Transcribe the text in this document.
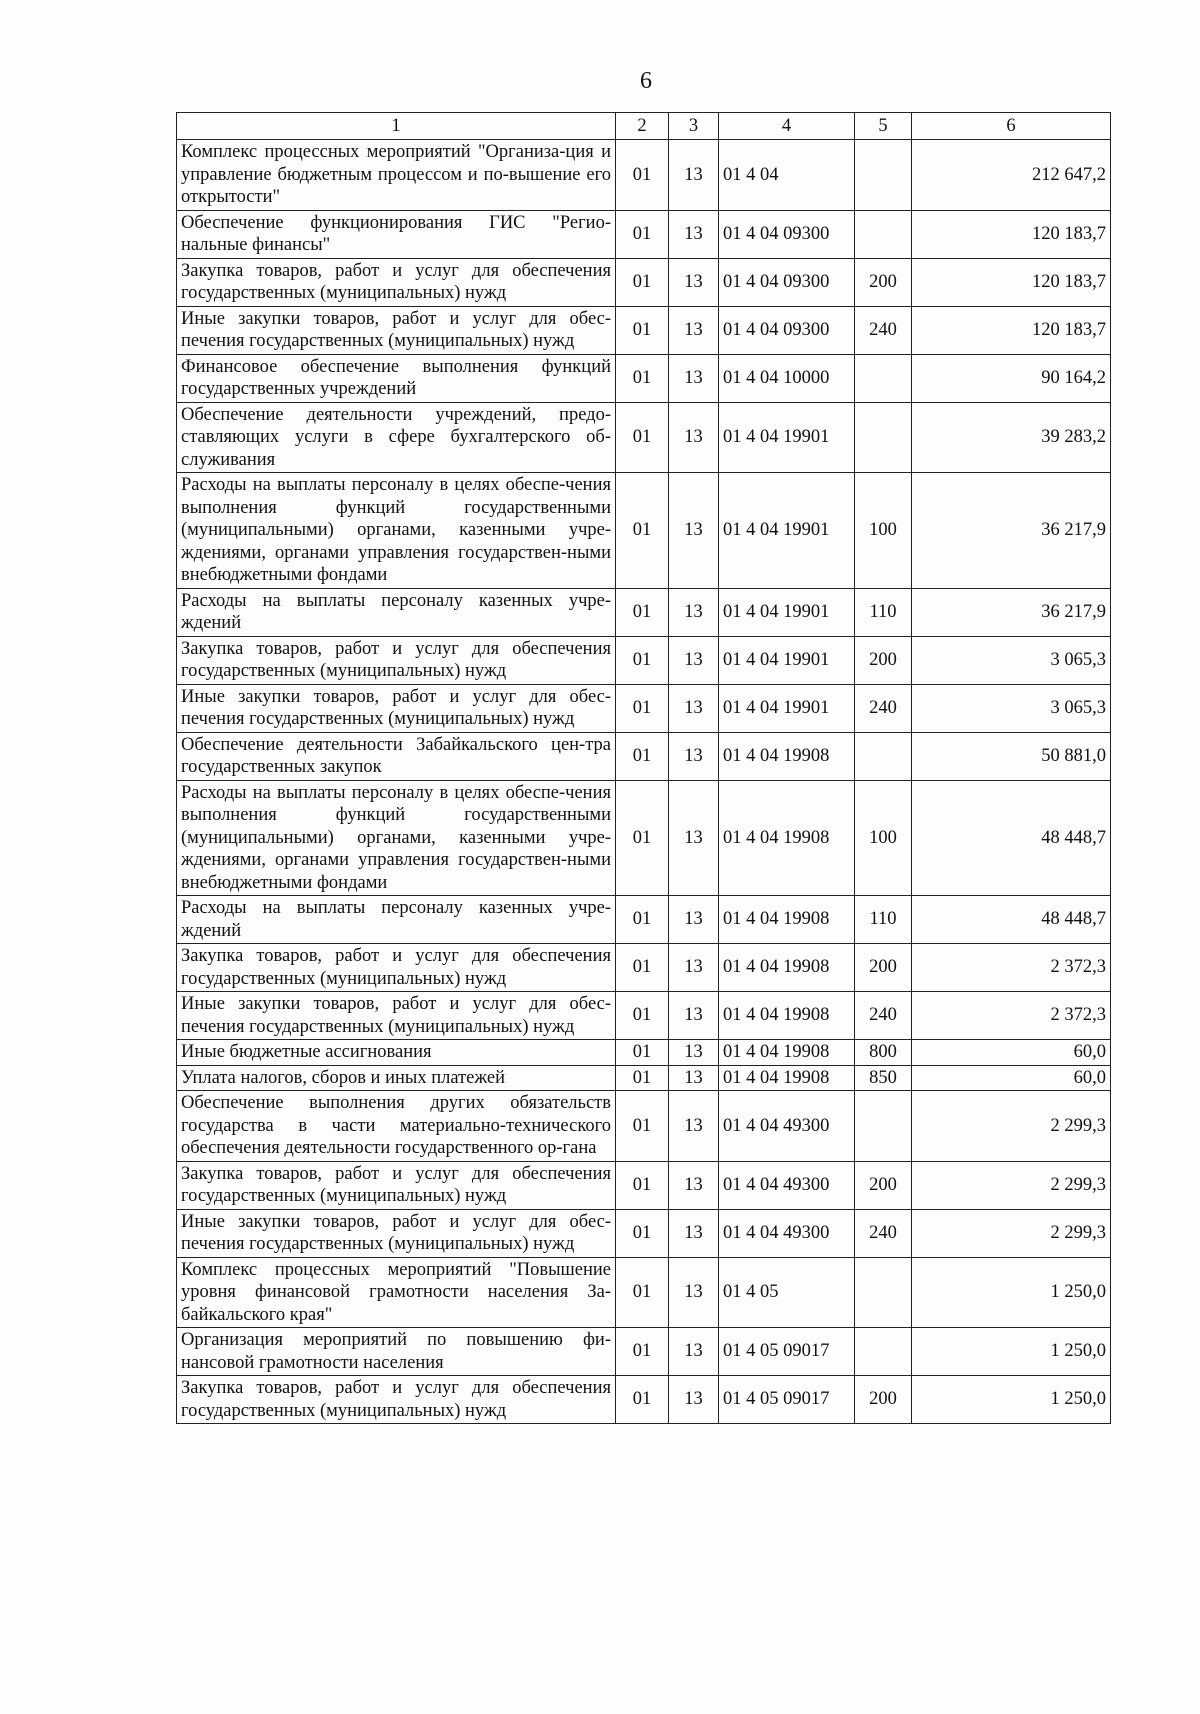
6
1	2	3	4	5	6
Комплекс процессных мероприятий "Организа-ция и управление бюджетным процессом и по-вышение его открытости"	01	13	01 4 04		212 647,2
Обеспечение функционирования ГИС "Регио-нальные финансы"	01	13	01 4 04 09300		120 183,7
Закупка товаров, работ и услуг для обеспечения государственных (муниципальных) нужд	01	13	01 4 04 09300	200	120 183,7
Иные закупки товаров, работ и услуг для обес-печения государственных (муниципальных) нужд	01	13	01 4 04 09300	240	120 183,7
Финансовое обеспечение выполнения функций государственных учреждений	01	13	01 4 04 10000		90 164,2
Обеспечение деятельности учреждений, предо-ставляющих услуги в сфере бухгалтерского об-служивания	01	13	01 4 04 19901		39 283,2
Расходы на выплаты персоналу в целях обеспе-чения выполнения функций государственными (муниципальными) органами, казенными учре-ждениями, органами управления государствен-ными внебюджетными фондами	01	13	01 4 04 19901	100	36 217,9
Расходы на выплаты персоналу казенных учре-ждений	01	13	01 4 04 19901	110	36 217,9
Закупка товаров, работ и услуг для обеспечения государственных (муниципальных) нужд	01	13	01 4 04 19901	200	3 065,3
Иные закупки товаров, работ и услуг для обес-печения государственных (муниципальных) нужд	01	13	01 4 04 19901	240	3 065,3
Обеспечение деятельности Забайкальского цен-тра государственных закупок	01	13	01 4 04 19908		50 881,0
Расходы на выплаты персоналу в целях обеспе-чения выполнения функций государственными (муниципальными) органами, казенными учре-ждениями, органами управления государствен-ными внебюджетными фондами	01	13	01 4 04 19908	100	48 448,7
Расходы на выплаты персоналу казенных учре-ждений	01	13	01 4 04 19908	110	48 448,7
Закупка товаров, работ и услуг для обеспечения государственных (муниципальных) нужд	01	13	01 4 04 19908	200	2 372,3
Иные закупки товаров, работ и услуг для обес-печения государственных (муниципальных) нужд	01	13	01 4 04 19908	240	2 372,3
Иные бюджетные ассигнования	01	13	01 4 04 19908	800	60,0
Уплата налогов, сборов и иных платежей	01	13	01 4 04 19908	850	60,0
Обеспечение выполнения других обязательств государства в части материально-технического обеспечения деятельности государственного ор-гана	01	13	01 4 04 49300		2 299,3
Закупка товаров, работ и услуг для обеспечения государственных (муниципальных) нужд	01	13	01 4 04 49300	200	2 299,3
Иные закупки товаров, работ и услуг для обес-печения государственных (муниципальных) нужд	01	13	01 4 04 49300	240	2 299,3
Комплекс процессных мероприятий "Повышение уровня финансовой грамотности населения За-байкальского края"	01	13	01 4 05		1 250,0
Организация мероприятий по повышению фи-нансовой грамотности населения	01	13	01 4 05 09017		1 250,0
Закупка товаров, работ и услуг для обеспечения государственных (муниципальных) нужд	01	13	01 4 05 09017	200	1 250,0
